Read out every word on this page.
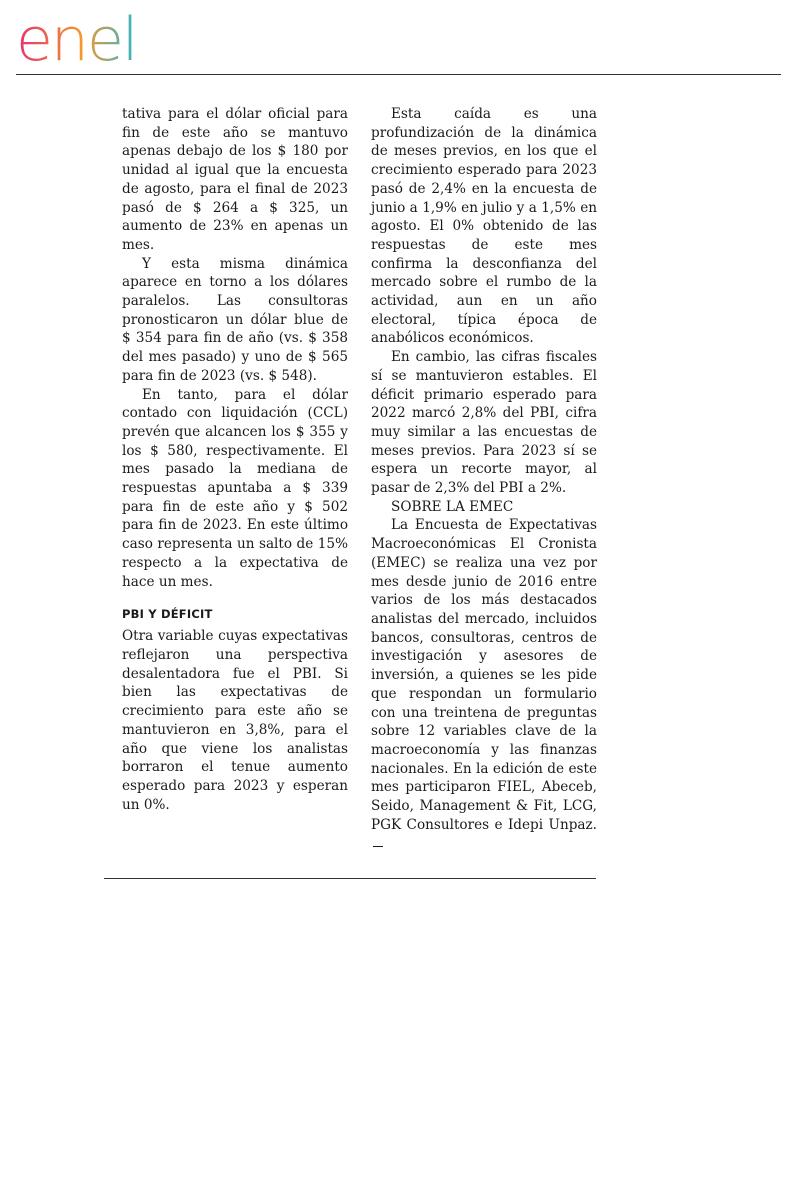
enel

tativa para el dólar oficial para fin de este año se mantuvo apenas debajo de los $ 180 por unidad al igual que la encuesta de agosto, para el final de 2023 pasó de $ 264 a $ 325, un aumento de 23% en apenas un mes.

Y esta misma dinámica aparece en torno a los dólares paralelos. Las consultoras pronosticaron un dólar blue de $ 354 para fin de año (vs. $ 358 del mes pasado) y uno de $ 565 para fin de 2023 (vs. $ 548).

En tanto, para el dólar contado con liquidación (CCL) prevén que alcancen los $ 355 y los $ 580, respectivamente. El mes pasado la mediana de respuestas apuntaba a $ 339 para fin de este año y $ 502 para fin de 2023. En este último caso representa un salto de 15% respecto a la expectativa de hace un mes.

PBI Y DÉFICIT

Otra variable cuyas expectativas reflejaron una perspectiva desalentadora fue el PBI. Si bien las expectativas de crecimiento para este año se mantuvieron en 3,8%, para el año que viene los analistas borraron el tenue aumento esperado para 2023 y esperan un 0%.

Esta caída es una profundización de la dinámica de meses previos, en los que el crecimiento esperado para 2023 pasó de 2,4% en la encuesta de junio a 1,9% en julio y a 1,5% en agosto. El 0% obtenido de las respuestas de este mes confirma la desconfianza del mercado sobre el rumbo de la actividad, aun en un año electoral, típica época de anabólicos económicos.

En cambio, las cifras fiscales sí se mantuvieron estables. El déficit primario esperado para 2022 marcó 2,8% del PBI, cifra muy similar a las encuestas de meses previos. Para 2023 sí se espera un recorte mayor, al pasar de 2,3% del PBI a 2%.

SOBRE LA EMEC

La Encuesta de Expectativas Macroeconómicas El Cronista (EMEC) se realiza una vez por mes desde junio de 2016 entre varios de los más destacados analistas del mercado, incluidos bancos, consultoras, centros de investigación y asesores de inversión, a quienes se les pide que respondan un formulario con una treintena de preguntas sobre 12 variables clave de la macroeconomía y las finanzas nacionales. En la edición de este mes participaron FIEL, Abeceb, Seido, Management & Fit, LCG, PGK Consultores e Idepi Unpaz.
